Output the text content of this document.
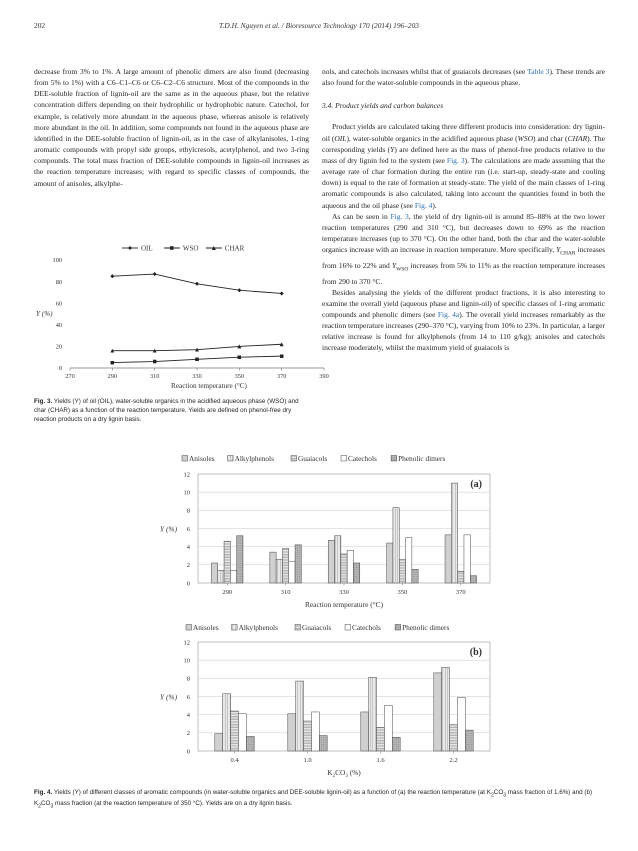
202	T.D.H. Nguyen et al. / Bioresource Technology 170 (2014) 196–203

decrease from 3% to 1%. A large amount of phenolic dimers are also found (decreasing from 5% to 1%) with a C6–C1–C6 or C6–C2–C6 structure. Most of the compounds in the DEE-soluble fraction of lignin-oil are the same as in the aqueous phase, but the relative concentration differs depending on their hydrophilic or hydrophobic nature. Catechol, for example, is relatively more abundant in the aqueous phase, whereas anisole is relatively more abundant in the oil. In addition, some compounds not found in the aqueous phase are identified in the DEE-soluble fraction of lignin-oil, as in the case of alkylanisoles, 1-ring aromatic compounds with propyl side groups, ethylcresols, acetylphenol, and two 3-ring compounds. The total mass fraction of DEE-soluble compounds in lignin-oil increases as the reaction temperature increases; with regard to specific classes of compounds, the amount of anisoles, alkylphe-

nols, and catechols increases whilst that of guaiacols decreases (see Table 3). These trends are also found for the water-soluble compounds in the aqueous phase.

3.4. Product yields and carbon balances

Product yields are calculated taking three different products into consideration: dry lignin-oil (OIL), water-soluble organics in the acidified aqueous phase (WSO) and char (CHAR). The corresponding yields (Y) are defined here as the mass of phenol-free products relative to the mass of dry lignin fed to the system (see Fig. 3). The calculations are made assuming that the average rate of char formation during the entire run (i.e. start-up, steady-state and cooling down) is equal to the rate of formation at steady-state. The yield of the main classes of 1-ring aromatic compounds is also calculated, taking into account the quantities found in both the aqueous and the oil phase (see Fig. 4).

As can be seen in Fig. 3, the yield of dry lignin-oil is around 85–88% at the two lower reaction temperatures (290 and 310 °C), but decreases down to 69% as the reaction temperature increases (up to 370 °C). On the other hand, both the char and the water-soluble organics increase with an increase in reaction temperature. More specifically, $Y_{CHAR}$ increases from 16% to 22% and $Y_{WSO}$ increases from 5% to 11% as the reaction temperature increases from 290 to 370 °C.

Besides analysing the yields of the different product fractions, it is also interesting to examine the overall yield (aqueous phase and lignin-oil) of specific classes of 1-ring aromatic compounds and phenolic dimers (see Fig. 4a). The overall yield increases remarkably as the reaction temperature increases (290–370 °C), varying from 10% to 23%. In particular, a larger relative increase is found for alkylphenols (from 14 to 110 g/kg); anisoles and catechols increase moderately, whilst the maximum yield of guaiacols is

OIL	WSO	CHAR
270	290	310	330	350	370	390
0
20
40
60
80
100
Y (%)
Reaction temperature (°C)
Fig. 3. Yields (Y) of oil (OIL), water-soluble organics in the acidified aqueous phase (WSO) and char (CHAR) as a function of the reaction temperature. Yields are defined on phenol-free dry reaction products on a dry lignin basis.
Anisoles	Alkylphenols	Guaiacols	Catechols	Phenolic dimers
0
2
4
6
8
10
12
290	310	330	350	370
(a)
Y (%)
Reaction temperature (°C)
Anisoles	Alkylphenols	Guaiacols	Catechols	Phenolic dimers
0
2
4
6
8
10
12
0.4	1.0	1.6	2.2
(b)
Y (%)
$K_2CO_3$ (%)
Fig. 4. Yields (Y) of different classes of aromatic compounds (in water-soluble organics and DEE-soluble lignin-oil) as a function of (a) the reaction temperature (at $K_2CO_3$ mass fraction of 1.6%) and (b) $K_2CO_3$ mass fraction (at the reaction temperature of 350 °C). Yields are on a dry lignin basis.
